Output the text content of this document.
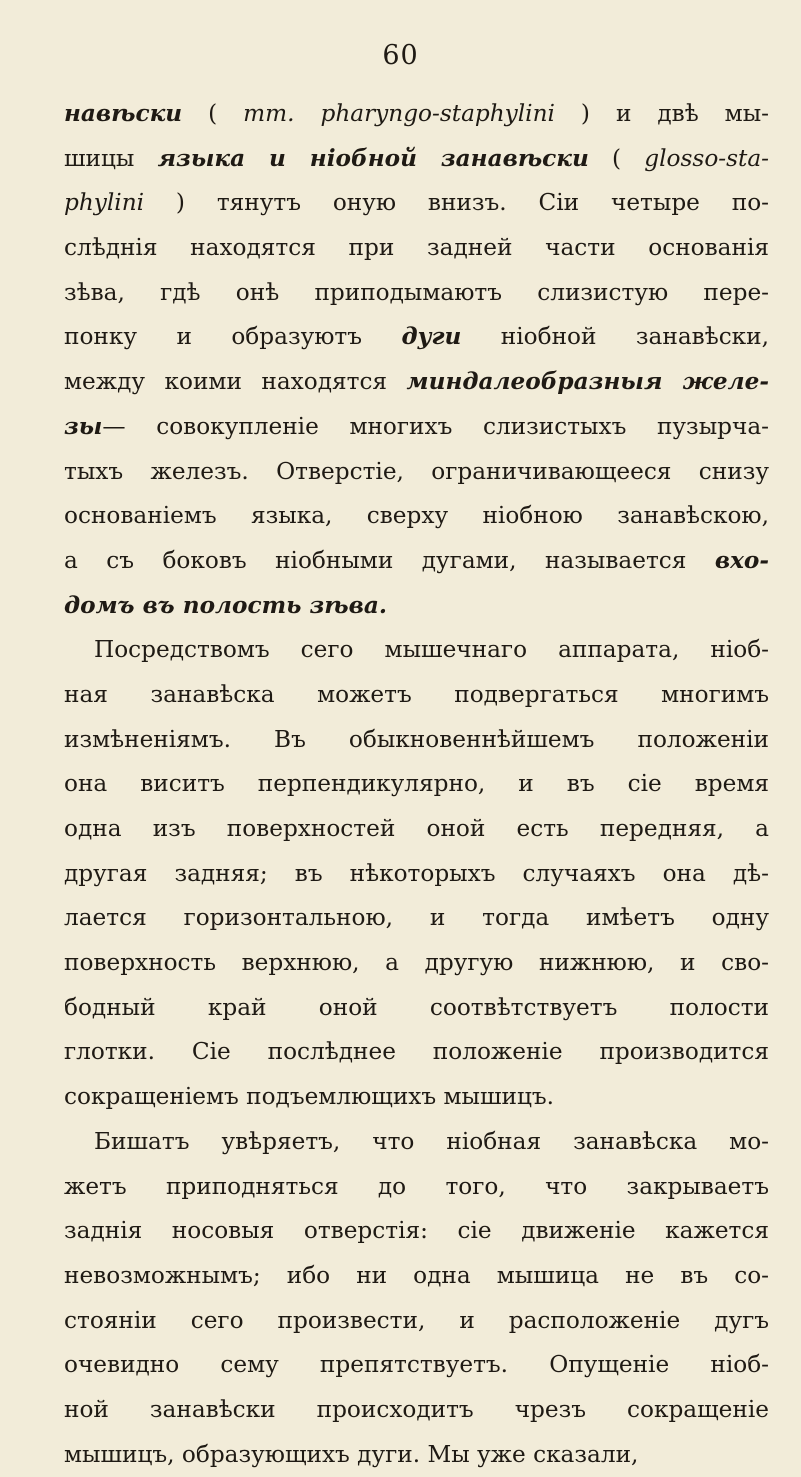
60
навѣски ( mm. pharyngo-staphylini ) и двѣ мы-
шицы языка и ніобной занавѣски ( glosso-sta-
phylini ) тянутъ оную внизъ. Сіи четыре по-
слѣднія находятся при задней части основанія
зѣва, гдѣ онѣ приподымаютъ слизистую пере-
понку и образуютъ дуги ніобной занавѣски,
между коими находятся миндалеобразныя желе-
зы— совокупленіе многихъ слизистыхъ пузырча-
тыхъ железъ. Отверстіе, ограничивающееся снизу
основаніемъ языка, сверху ніобною занавѣскою,
а съ боковъ ніобными дугами, называется вхо-
домъ въ полость зѣва.
Посредствомъ сего мышечнаго аппарата, ніоб-
ная занавѣска можетъ подвергаться многимъ
измѣненіямъ. Въ обыкновеннѣйшемъ положеніи
она виситъ перпендикулярно, и въ сіе время
одна изъ поверхностей оной есть передняя, а
другая задняя; въ нѣкоторыхъ случаяхъ она дѣ-
лается горизонтальною, и тогда имѣетъ одну
поверхность верхнюю, а другую нижнюю, и сво-
бодный край оной соотвѣтствуетъ полости
глотки. Сіе послѣднее положеніе производится
сокращеніемъ подъемлющихъ мышицъ.
Бишатъ увѣряетъ, что ніобная занавѣска мо-
жетъ приподняться до того, что закрываетъ
заднія носовыя отверстія: сіе движеніе кажется
невозможнымъ; ибо ни одна мышица не въ со-
стояніи сего произвести, и расположеніе дугъ
очевидно сему препятствуетъ. Опущеніе ніоб-
ной занавѣски происходитъ чрезъ сокращеніе
мышицъ, образующихъ дуги. Мы уже сказали,
